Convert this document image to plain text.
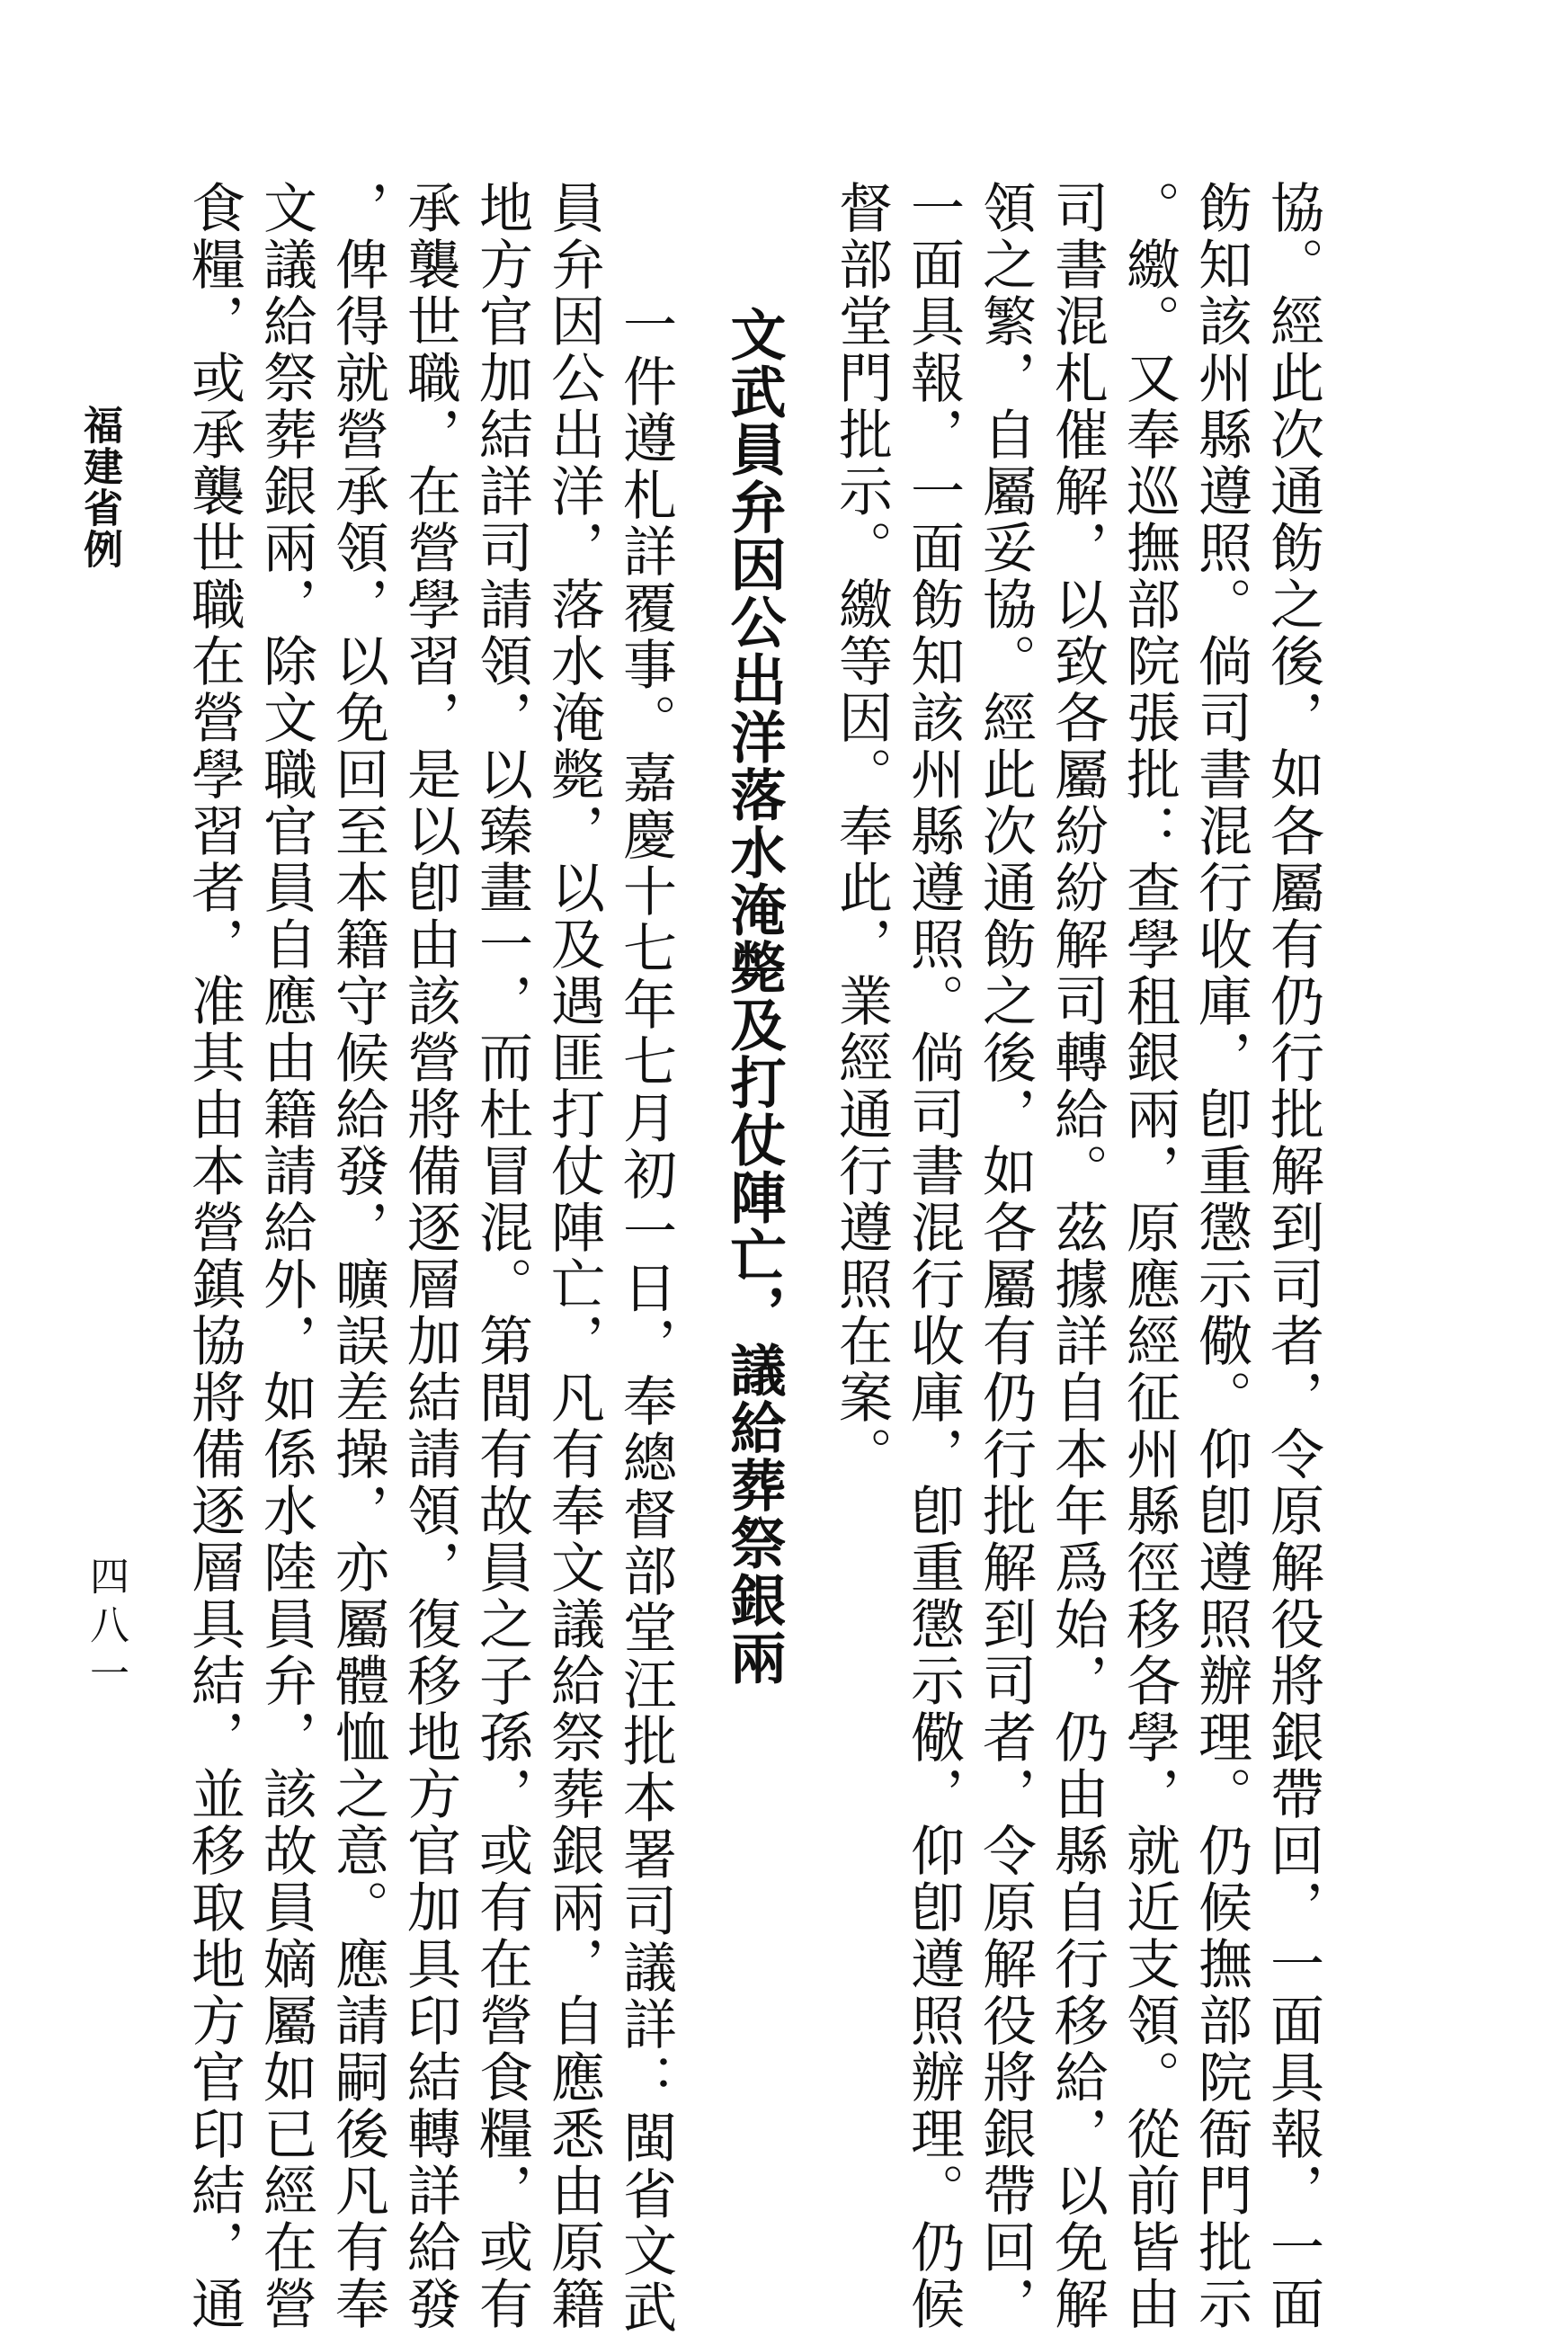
協。經此次通飭之後，如各屬有仍行批解到司者，令原解役將銀帶回，一面具報，一面
飭知該州縣遵照。倘司書混行收庫，卽重懲示儆。仰卽遵照辦理。仍候撫部院衙門批示
。繳。又奉巡撫部院張批：查學租銀兩，原應經征州縣徑移各學，就近支領。從前皆由
司書混札催解，以致各屬紛紛解司轉給。茲據詳自本年爲始，仍由縣自行移給，以免解
領之繁，自屬妥協。經此次通飭之後，如各屬有仍行批解到司者，令原解役將銀帶回，
一面具報，一面飭知該州縣遵照。倘司書混行收庫，卽重懲示儆，仰卽遵照辦理。仍候
督部堂門批示。繳等因。奉此，業經通行遵照在案。
文武員弁因公出洋落水淹斃及打仗陣亡，議給葬祭銀兩
一件遵札詳覆事。嘉慶十七年七月初一日，奉總督部堂汪批本署司議詳：閩省文武
員弁因公出洋，落水淹斃，以及遇匪打仗陣亡，凡有奉文議給祭葬銀兩，自應悉由原籍
地方官加結詳司請領，以臻畫一，而杜冒混。第間有故員之子孫，或有在營食糧，或有
承襲世職，在營學習，是以卽由該營將備逐層加結請領，復移地方官加具印結轉詳給發
，俾得就營承領，以免回至本籍守候給發，曠誤差操，亦屬體恤之意。應請嗣後凡有奉
文議給祭葬銀兩，除文職官員自應由籍請給外，如係水陸員弁，該故員嫡屬如已經在營
食糧，或承襲世職在營學習者，准其由本營鎮協將備逐層具結，並移取地方官印結，通
福建省例
四八一
